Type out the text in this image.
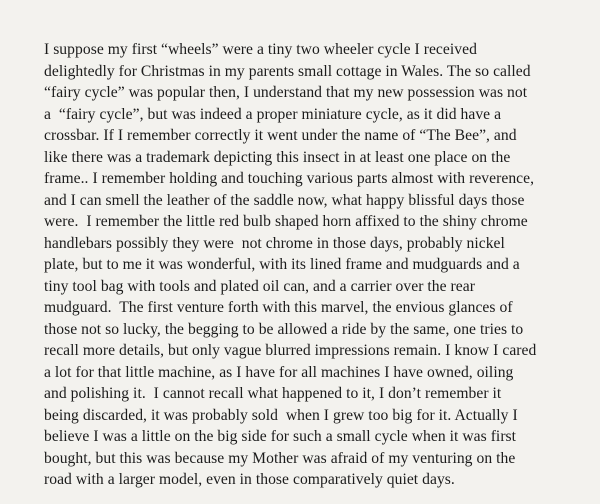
I suppose my first “wheels” were a tiny two wheeler cycle I received
delightedly for Christmas in my parents small cottage in Wales. The so called
“fairy cycle” was popular then, I understand that my new possession was not
a  “fairy cycle”, but was indeed a proper miniature cycle, as it did have a
crossbar. If I remember correctly it went under the name of “The Bee”, and
like there was a trademark depicting this insect in at least one place on the
frame.. I remember holding and touching various parts almost with reverence,
and I can smell the leather of the saddle now, what happy blissful days those
were.  I remember the little red bulb shaped horn affixed to the shiny chrome
handlebars possibly they were  not chrome in those days, probably nickel
plate, but to me it was wonderful, with its lined frame and mudguards and a
tiny tool bag with tools and plated oil can, and a carrier over the rear
mudguard.  The first venture forth with this marvel, the envious glances of
those not so lucky, the begging to be allowed a ride by the same, one tries to
recall more details, but only vague blurred impressions remain. I know I cared
a lot for that little machine, as I have for all machines I have owned, oiling
and polishing it.  I cannot recall what happened to it, I don’t remember it
being discarded, it was probably sold  when I grew too big for it. Actually I
believe I was a little on the big side for such a small cycle when it was first
bought, but this was because my Mother was afraid of my venturing on the
road with a larger model, even in those comparatively quiet days.
